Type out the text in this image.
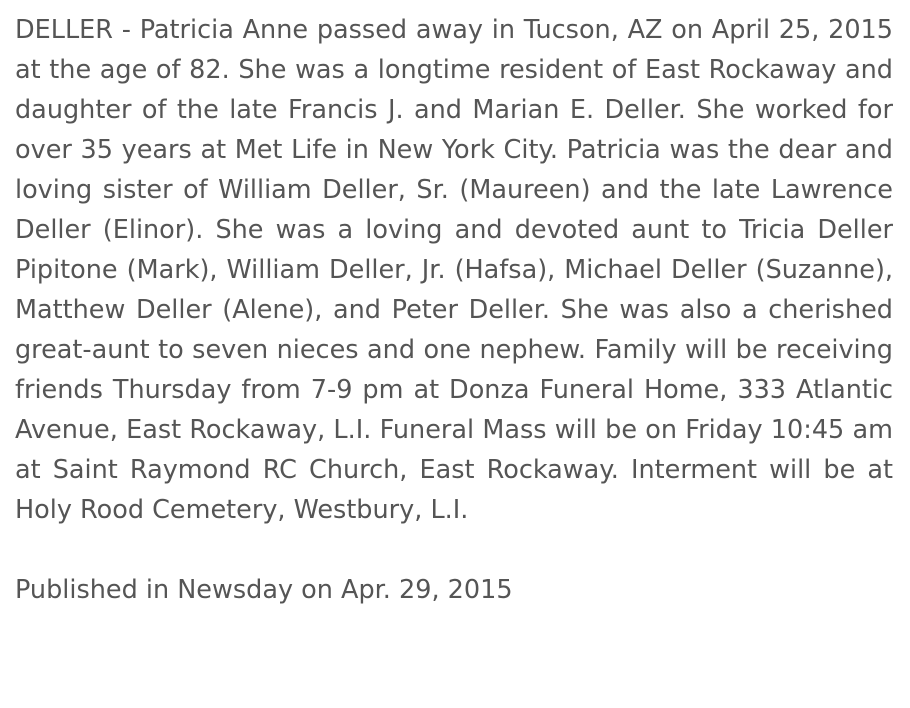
DELLER - Patricia Anne passed away in Tucson, AZ on April 25, 2015 at the age of 82. She was a longtime resident of East Rockaway and daughter of the late Francis J. and Marian E. Deller. She worked for over 35 years at Met Life in New York City. Patricia was the dear and loving sister of William Deller, Sr. (Maureen) and the late Lawrence Deller (Elinor). She was a loving and devoted aunt to Tricia Deller Pipitone (Mark), William Deller, Jr. (Hafsa), Michael Deller (Suzanne), Matthew Deller (Alene), and Peter Deller. She was also a cherished great-aunt to seven nieces and one nephew. Family will be receiving friends Thursday from 7-9 pm at Donza Funeral Home, 333 Atlantic Avenue, East Rockaway, L.I. Funeral Mass will be on Friday 10:45 am at Saint Raymond RC Church, East Rockaway. Interment will be at Holy Rood Cemetery, Westbury, L.I.

Published in Newsday on Apr. 29, 2015
